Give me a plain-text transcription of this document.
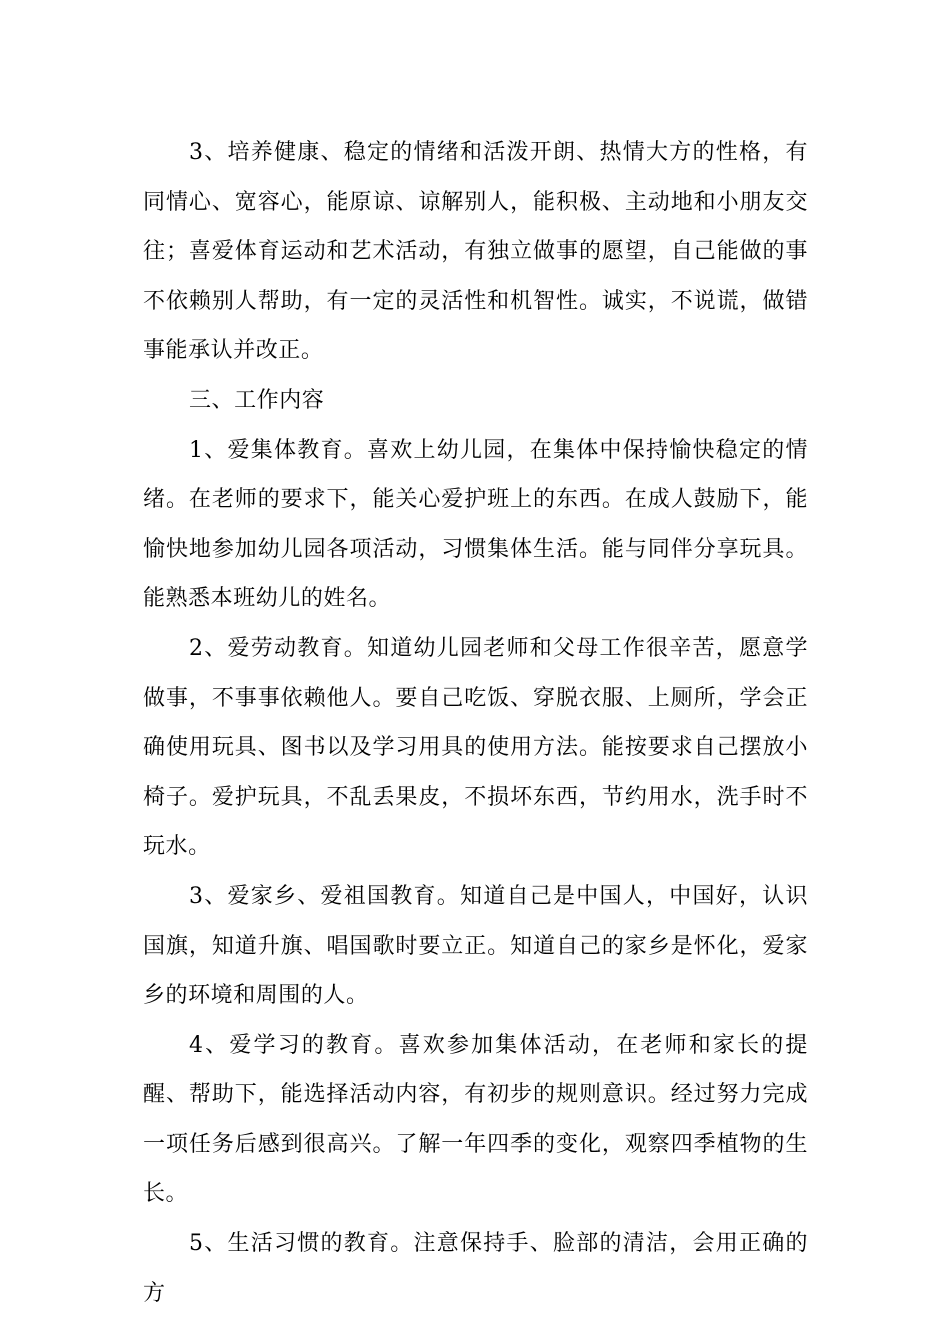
3、培养健康、稳定的情绪和活泼开朗、热情大方的性格，有同情心、宽容心，能原谅、谅解别人，能积极、主动地和小朋友交往；喜爱体育运动和艺术活动，有独立做事的愿望，自己能做的事不依赖别人帮助，有一定的灵活性和机智性。诚实，不说谎，做错事能承认并改正。

三、工作内容

1、爱集体教育。喜欢上幼儿园，在集体中保持愉快稳定的情绪。在老师的要求下，能关心爱护班上的东西。在成人鼓励下，能愉快地参加幼儿园各项活动，习惯集体生活。能与同伴分享玩具。能熟悉本班幼儿的姓名。

2、爱劳动教育。知道幼儿园老师和父母工作很辛苦，愿意学做事，不事事依赖他人。要自己吃饭、穿脱衣服、上厕所，学会正确使用玩具、图书以及学习用具的使用方法。能按要求自己摆放小椅子。爱护玩具，不乱丢果皮，不损坏东西，节约用水，洗手时不玩水。

3、爱家乡、爱祖国教育。知道自己是中国人，中国好，认识国旗，知道升旗、唱国歌时要立正。知道自己的家乡是怀化，爱家乡的环境和周围的人。

4、爱学习的教育。喜欢参加集体活动，在老师和家长的提醒、帮助下，能选择活动内容，有初步的规则意识。经过努力完成一项任务后感到很高兴。了解一年四季的变化，观察四季植物的生长。

5、生活习惯的教育。注意保持手、脸部的清洁，会用正确的方
